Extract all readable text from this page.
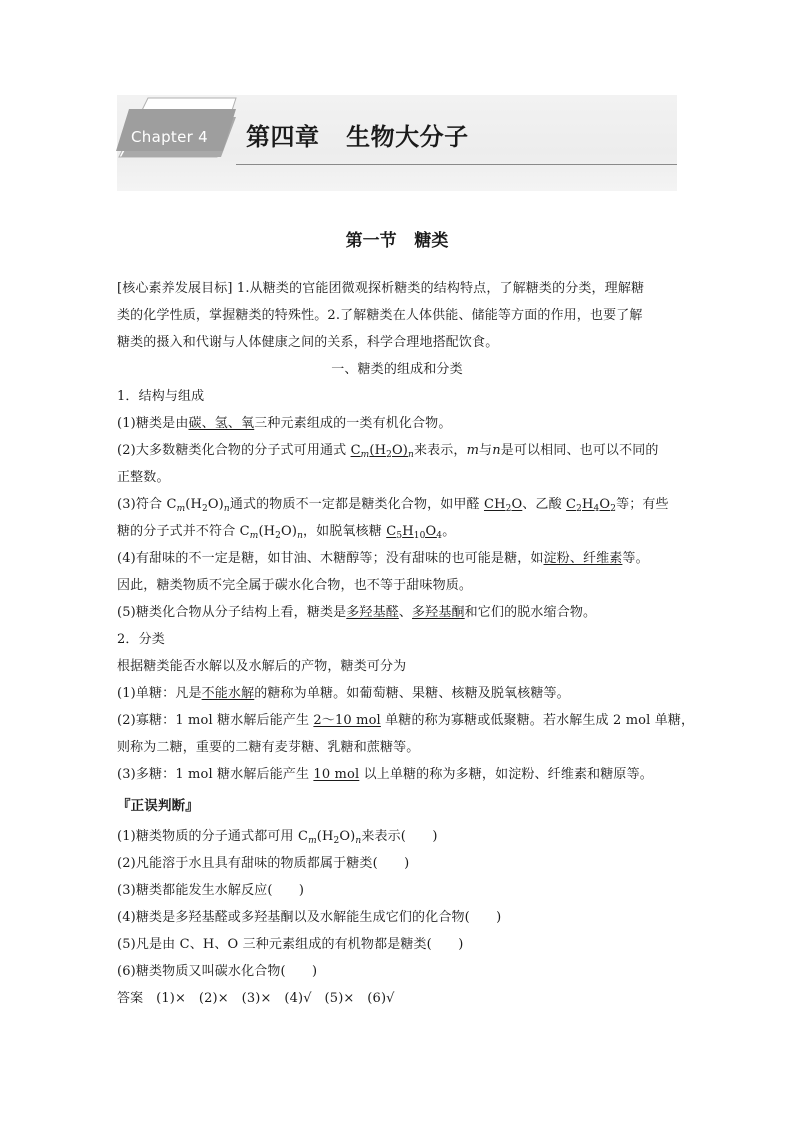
Chapter 4	第四章   生物大分子
第一节   糖类
[核心素养发展目标] 1.从糖类的官能团微观探析糖类的结构特点，了解糖类的分类，理解糖
类的化学性质，掌握糖类的特殊性。2.了解糖类在人体供能、储能等方面的作用，也要了解
糖类的摄入和代谢与人体健康之间的关系，科学合理地搭配饮食。
一、糖类的组成和分类
1．结构与组成
(1)糖类是由碳、氢、氧三种元素组成的一类有机化合物。
(2)大多数糖类化合物的分子式可用通式 $C_m(H_2O)_n$来表示，m与n是可以相同、也可以不同的
正整数。
(3)符合 $C_m(H_2O)_n$通式的物质不一定都是糖类化合物，如甲醛 $CH_2O$、乙酸 $C_2H_4O_2$等；有些
糖的分子式并不符合 $C_m(H_2O)_n$，如脱氧核糖 $C_5H_{10}O_4$。
(4)有甜味的不一定是糖，如甘油、木糖醇等；没有甜味的也可能是糖，如淀粉、纤维素等。
因此，糖类物质不完全属于碳水化合物，也不等于甜味物质。
(5)糖类化合物从分子结构上看，糖类是多羟基醛、多羟基酮和它们的脱水缩合物。
2．分类
根据糖类能否水解以及水解后的产物，糖类可分为
(1)单糖：凡是不能水解的糖称为单糖。如葡萄糖、果糖、核糖及脱氧核糖等。
(2)寡糖：1 mol 糖水解后能产生 2～10 mol 单糖的称为寡糖或低聚糖。若水解生成 2 mol 单糖，
则称为二糖，重要的二糖有麦芽糖、乳糖和蔗糖等。
(3)多糖：1 mol 糖水解后能产生 10 mol 以上单糖的称为多糖，如淀粉、纤维素和糖原等。
『正误判断』
(1)糖类物质的分子通式都可用 $C_m(H_2O)_n$来表示(　　)
(2)凡能溶于水且具有甜味的物质都属于糖类(　　)
(3)糖类都能发生水解反应(　　)
(4)糖类是多羟基醛或多羟基酮以及水解能生成它们的化合物(　　)
(5)凡是由 C、H、O 三种元素组成的有机物都是糖类(　　)
(6)糖类物质又叫碳水化合物(　　)
答案   (1)×   (2)×   (3)×   (4)√   (5)×   (6)√
